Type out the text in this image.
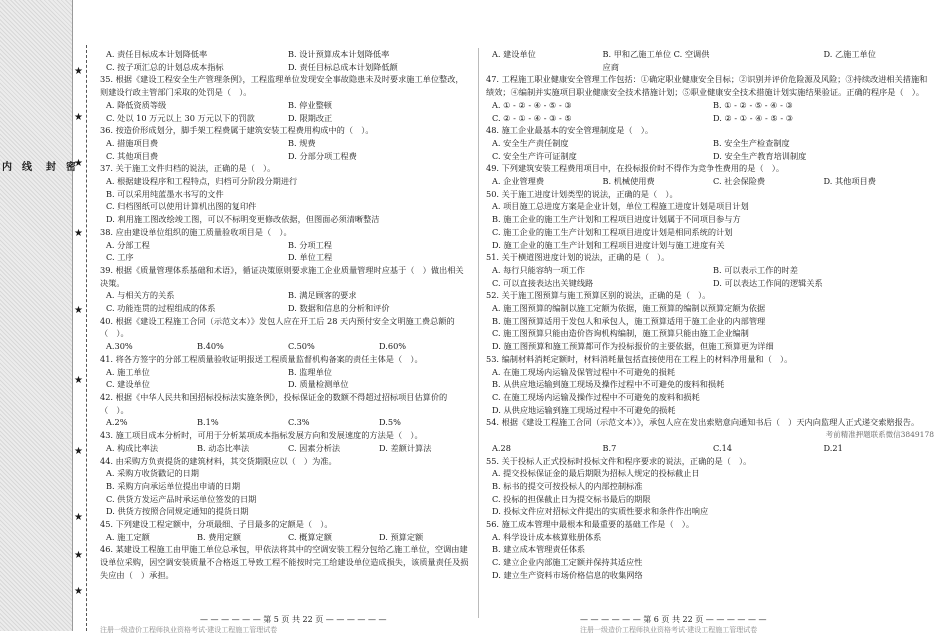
内 线 封 密
★
★
★
★
★
★
★
★
★
★
A. 责任目标成本计划降低率	B. 设计预算成本计划降低率
C. 按子项汇总的计划总成本指标	D. 责任目标总成本计划降低额
35. 根据《建设工程安全生产管理条例》，工程监理单位发现安全事故隐患未及时要求施工单位整改，则建设行政主管部门采取的处罚是（　）。
A. 降低资质等级	B. 停业整顿
C. 处以 10 万元以上 30 万元以下的罚款	D. 限期改正
36. 按造价形成划分，脚手架工程费属于建筑安装工程费用构成中的（　）。
A. 措施项目费	B. 规费
C. 其他项目费	D. 分部分项工程费
37. 关于施工文件归档的说法，正确的是（　）。
A. 根据建设程序和工程特点，归档可分阶段分期进行
B. 可以采用纯蓝墨水书写的文件
C. 归档图纸可以使用计算机出图的复印件
D. 利用施工图改绘竣工图，可以不标明变更修改依据，但图面必须清晰整洁
38. 应由建设单位组织的施工质量验收项目是（　）。
A. 分部工程	B. 分项工程
C. 工序	D. 单位工程
39. 根据《质量管理体系基础和术语》，循证决策原则要求施工企业质量管理时应基于（　）做出相关决策。
A. 与相关方的关系	B. 满足顾客的要求
C. 功能连贯的过程组成的体系	D. 数据和信息的分析和评价
40. 根据《建设工程施工合同（示范文本）》发包人应在开工后 28 天内预付安全文明施工费总额的（　）。
A.30%	B.40%	C.50%	D.60%
41. 将各方签字的分部工程质量验收证明报送工程质量监督机构备案的责任主体是（　）。
A. 施工单位	B. 监理单位
C. 建设单位	D. 质量检测单位
42. 根据《中华人民共和国招标投标法实施条例》，投标保证金的数额不得超过招标项目估算价的（　）。
A.2%	B.1%	C.3%	D.5%
43. 施工项目成本分析时，可用于分析某项成本指标发展方向和发展速度的方法是（　）。
A. 构成比率法	B. 动态比率法	C. 因素分析法	D. 差额计算法
44. 由采购方负责提货的建筑材料，其交货期限应以（　）为准。
A. 采购方收货戳记的日期
B. 采购方向承运单位提出申请的日期
C. 供货方发运产品时承运单位签发的日期
D. 供货方按照合同规定通知的提货日期
45. 下列建设工程定额中，分项最细、子目最多的定额是（　）。
A. 施工定额	B. 费用定额	C. 概算定额	D. 预算定额
46. 某建设工程施工由甲施工单位总承包，甲依法将其中的空调安装工程分包给乙施工单位，空调由建设单位采购，因空调安装质量不合格返工导致工程不能按时完工给建设单位造成损失，该质量责任及损失应由（　）承担。
A. 建设单位	B. 甲和乙施工单位 C. 空调供应商
D. 乙施工单位
47. 工程施工职业健康安全管理工作包括：①确定职业健康安全目标；②识别并评价危险源及风险；③持续改进相关措施和绩效；④编制并实施项目职业健康安全技术措施计划；⑤职业健康安全技术措施计划实施结果验证。正确的程序是（　）。
A. ① - ② - ④ - ⑤ - ③	B. ① - ② - ⑤ - ④ - ③
C. ② - ① - ④ - ③ - ⑤	D. ② - ① - ④ - ⑤ - ③
48. 施工企业最基本的安全管理制度是（　）。
A. 安全生产责任制度	B. 安全生产检查制度
C. 安全生产许可证制度	D. 安全生产教育培训制度
49. 下列建筑安装工程费用项目中，在投标报价时不得作为竞争性费用的是（　）。
A. 企业管理费	B. 机械使用费	C. 社会保险费	D. 其他项目费
50. 关于施工进度计划类型的说法，正确的是（　）。
A. 项目施工总进度方案是企业计划，单位工程施工进度计划是项目计划
B. 施工企业的施工生产计划和工程项目进度计划属于不同项目参与方
C. 施工企业的施工生产计划和工程项目进度计划是相同系统的计划
D. 施工企业的施工生产计划和工程项目进度计划与施工进度有关
51. 关于横道图进度计划的说法，正确的是（　）。
A. 每行只能容纳一项工作	B. 可以表示工作的时差
C. 可以直接表达出关键线路	D. 可以表达工作间的逻辑关系
52. 关于施工图预算与施工预算区别的说法，正确的是（　）。
A. 施工图预算的编制以施工定额为依据，施工预算的编制以预算定额为依据
B. 施工图预算适用于发包人和承包人，施工预算适用于施工企业的内部管理
C. 施工图预算只能由造价咨询机构编制，施工预算只能由施工企业编制
D. 施工图预算和施工预算都可作为投标报价的主要依据，但施工预算更为详细
53. 编制材料消耗定额时，材料消耗量包括直接使用在工程上的材料净用量和（　）。
A. 在施工现场内运输及保管过程中不可避免的损耗
B. 从供应地运输到施工现场及操作过程中不可避免的废料和损耗
C. 在施工现场内运输及操作过程中不可避免的废料和损耗
D. 从供应地运输到施工现场过程中不可避免的损耗
54. 根据《建设工程施工合同（示范文本）》，承包人应在发出索赔意向通知书后（　）天内向监理人正式递交索赔报告。
考前精准押题联系微信3849178
A.28	B.7	C.14	D.21
55. 关于投标人正式投标时投标文件和程序要求的说法，正确的是（　）。
A. 提交投标保证金的最后期限为招标人规定的投标截止日
B. 标书的提交可按投标人的内部控制标准
C. 投标的担保截止日为提交标书最后的期限
D. 投标文件应对招标文件提出的实质性要求和条件作出响应
56. 施工成本管理中最根本和最重要的基础工作是（　）。
A. 科学设计成本核算账册体系
B. 建立成本管理责任体系
C. 建立企业内部施工定额并保持其适应性
D. 建立生产资料市场价格信息的收集网络
— — — — — — 第 5 页 共 22 页 — — — — — —	— — — — — — 第 6 页 共 22 页 — — — — — —
注册一级造价工程师执业资格考试·建设工程施工管理试卷	注册一级造价工程师执业资格考试·建设工程施工管理试卷
